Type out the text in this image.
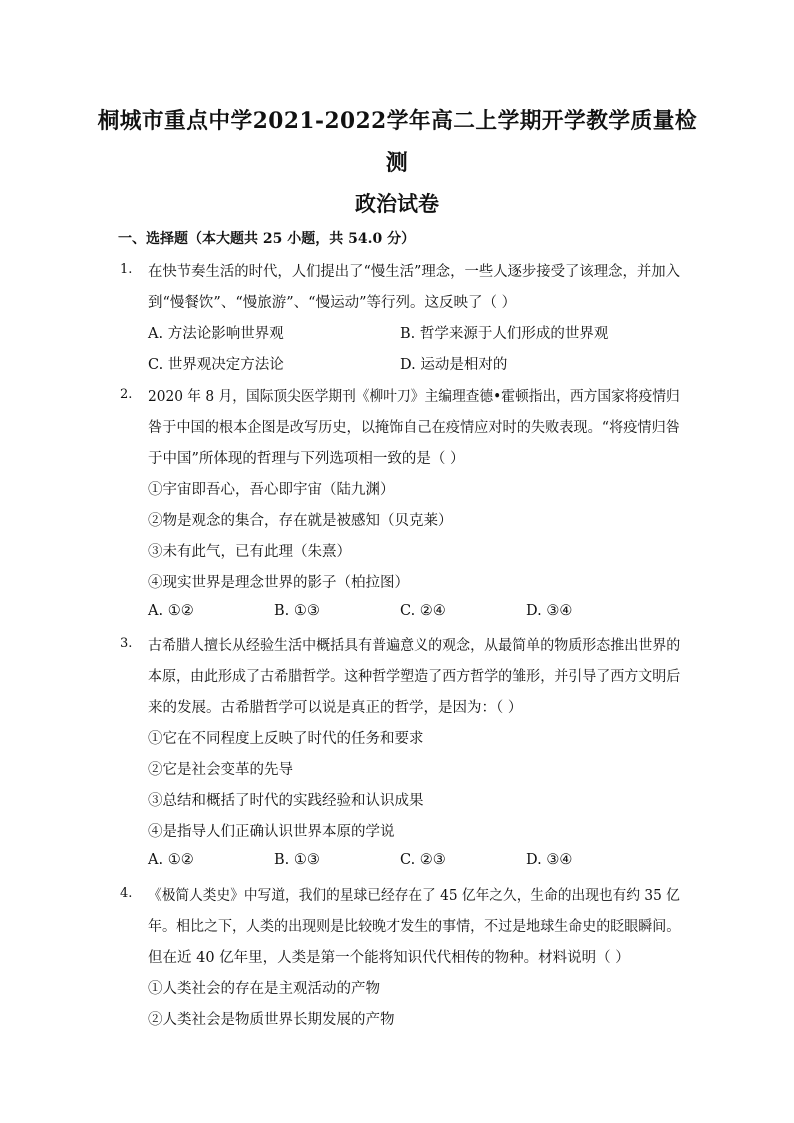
桐城市重点中学2021-2022学年高二上学期开学教学质量检
测
政治试卷
一、选择题（本大题共 25 小题，共 54.0 分）
1. 在快节奏生活的时代，人们提出了“慢生活”理念，一些人逐步接受了该理念，并加入
到“慢餐饮”、“慢旅游”、“慢运动”等行列。这反映了（ ）
A. 方法论影响世界观	B. 哲学来源于人们形成的世界观
C. 世界观决定方法论	D. 运动是相对的
2. 2020 年 8 月，国际顶尖医学期刊《柳叶刀》主编理查德•霍顿指出，西方国家将疫情归
咎于中国的根本企图是改写历史，以掩饰自己在疫情应对时的失败表现。“将疫情归咎
于中国”所体现的哲理与下列选项相一致的是（ ）
①宇宙即吾心，吾心即宇宙（陆九渊）
②物是观念的集合，存在就是被感知（贝克莱）
③未有此气，已有此理（朱熹）
④现实世界是理念世界的影子（柏拉图）
A. ①②	B. ①③	C. ②④	D. ③④
3. 古希腊人擅长从经验生活中概括具有普遍意义的观念，从最简单的物质形态推出世界的
本原，由此形成了古希腊哲学。这种哲学塑造了西方哲学的雏形，并引导了西方文明后
来的发展。古希腊哲学可以说是真正的哲学，是因为：（ ）
①它在不同程度上反映了时代的任务和要求
②它是社会变革的先导
③总结和概括了时代的实践经验和认识成果
④是指导人们正确认识世界本原的学说
A. ①②	B. ①③	C. ②③	D. ③④
4. 《极简人类史》中写道，我们的星球已经存在了 45 亿年之久，生命的出现也有约 35 亿
年。相比之下，人类的出现则是比较晚才发生的事情，不过是地球生命史的眨眼瞬间。
但在近 40 亿年里，人类是第一个能将知识代代相传的物种。材料说明（ ）
①人类社会的存在是主观活动的产物
②人类社会是物质世界长期发展的产物
